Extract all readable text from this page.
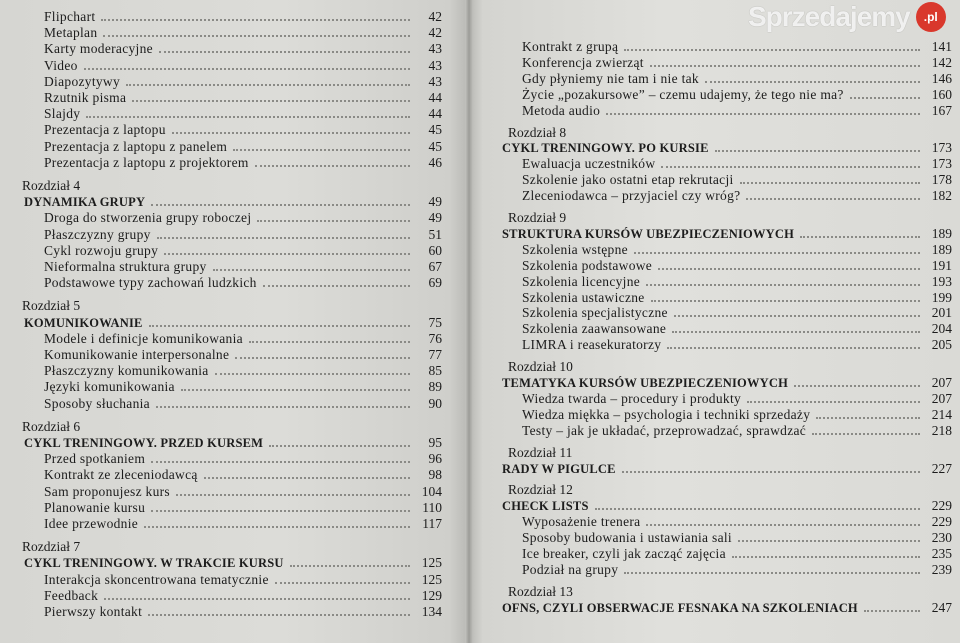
Flipchart	42
Metaplan	42
Karty moderacyjne	43
Video	43
Diapozytywy	43
Rzutnik pisma	44
Slajdy	44
Prezentacja z laptopu	45
Prezentacja z laptopu z panelem	45
Prezentacja z laptopu z projektorem	46
Rozdział 4
DYNAMIKA GRUPY	49
Droga do stworzenia grupy roboczej	49
Płaszczyzny grupy	51
Cykl rozwoju grupy	60
Nieformalna struktura grupy	67
Podstawowe typy zachowań ludzkich	69
Rozdział 5
KOMUNIKOWANIE	75
Modele i definicje komunikowania	76
Komunikowanie interpersonalne	77
Płaszczyzny komunikowania	85
Języki komunikowania	89
Sposoby słuchania	90
Rozdział 6
CYKL TRENINGOWY. PRZED KURSEM	95
Przed spotkaniem	96
Kontrakt ze zleceniodawcą	98
Sam proponujesz kurs	104
Planowanie kursu	110
Idee przewodnie	117
Rozdział 7
CYKL TRENINGOWY. W TRAKCIE KURSU	125
Interakcja skoncentrowana tematycznie	125
Feedback	129
Pierwszy kontakt	134
Kontrakt z grupą	141
Konferencja zwierząt	142
Gdy płyniemy nie tam i nie tak	146
Życie „pozakursowe” – czemu udajemy, że tego nie ma?	160
Metoda audio	167
Rozdział 8
CYKL TRENINGOWY. PO KURSIE	173
Ewaluacja uczestników	173
Szkolenie jako ostatni etap rekrutacji	178
Zleceniodawca – przyjaciel czy wróg?	182
Rozdział 9
STRUKTURA KURSÓW UBEZPIECZENIOWYCH	189
Szkolenia wstępne	189
Szkolenia podstawowe	191
Szkolenia licencyjne	193
Szkolenia ustawiczne	199
Szkolenia specjalistyczne	201
Szkolenia zaawansowane	204
LIMRA i reasekuratorzy	205
Rozdział 10
TEMATYKA KURSÓW UBEZPIECZENIOWYCH	207
Wiedza twarda – procedury i produkty	207
Wiedza miękka – psychologia i techniki sprzedaży	214
Testy – jak je układać, przeprowadzać, sprawdzać	218
Rozdział 11
RADY W PIGULCE	227
Rozdział 12
CHECK LISTS	229
Wyposażenie trenera	229
Sposoby budowania i ustawiania sali	230
Ice breaker, czyli jak zacząć zajęcia	235
Podział na grupy	239
Rozdział 13
OFNS, CZYLI OBSERWACJE FESNAKA NA SZKOLENIACH	247
Sprzedajemy	.pl
